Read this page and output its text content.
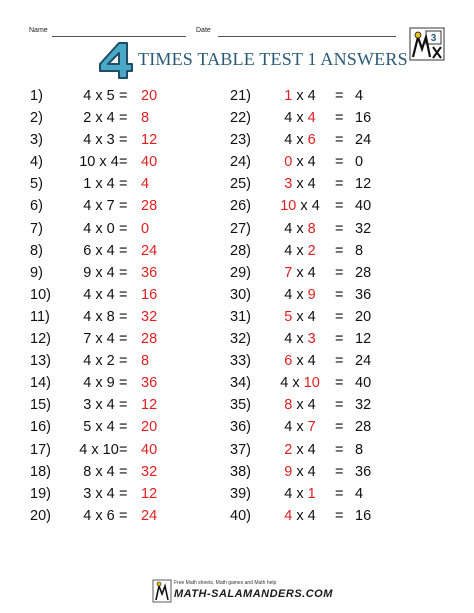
Name	Date
3
TIMES TABLE TEST 1 ANSWERS
1)	4 x 5 = 20
2)	2 x 4 = 8
3)	4 x 3 = 12
4)	10 x 4 = 40
5)	1 x 4 = 4
6)	4 x 7 = 28
7)	4 x 0 = 0
8)	6 x 4 = 24
9)	9 x 4 = 36
10)	4 x 4 = 16
11)	4 x 8 = 32
12)	7 x 4 = 28
13)	4 x 2 = 8
14)	4 x 9 = 36
15)	3 x 4 = 12
16)	5 x 4 = 20
17)	4 x 10 = 40
18)	8 x 4 = 32
19)	3 x 4 = 12
20)	4 x 6 = 24
21)	1 x 4	= 4
22)	4 x 4	= 16
23)	4 x 6	= 24
24)	0 x 4	= 0
25)	3 x 4	= 12
26)	10 x 4	= 40
27)	4 x 8	= 32
28)	4 x 2	= 8
29)	7 x 4	= 28
30)	4 x 9	= 36
31)	5 x 4	= 20
32)	4 x 3	= 12
33)	6 x 4	= 24
34)	4 x 10	= 40
35)	8 x 4	= 32
36)	4 x 7	= 28
37)	2 x 4	= 8
38)	9 x 4	= 36
39)	4 x 1	= 4
40)	4 x 4	= 16
Free Math sheets, Math games and Math help
MATH-SALAMANDERS.COM
